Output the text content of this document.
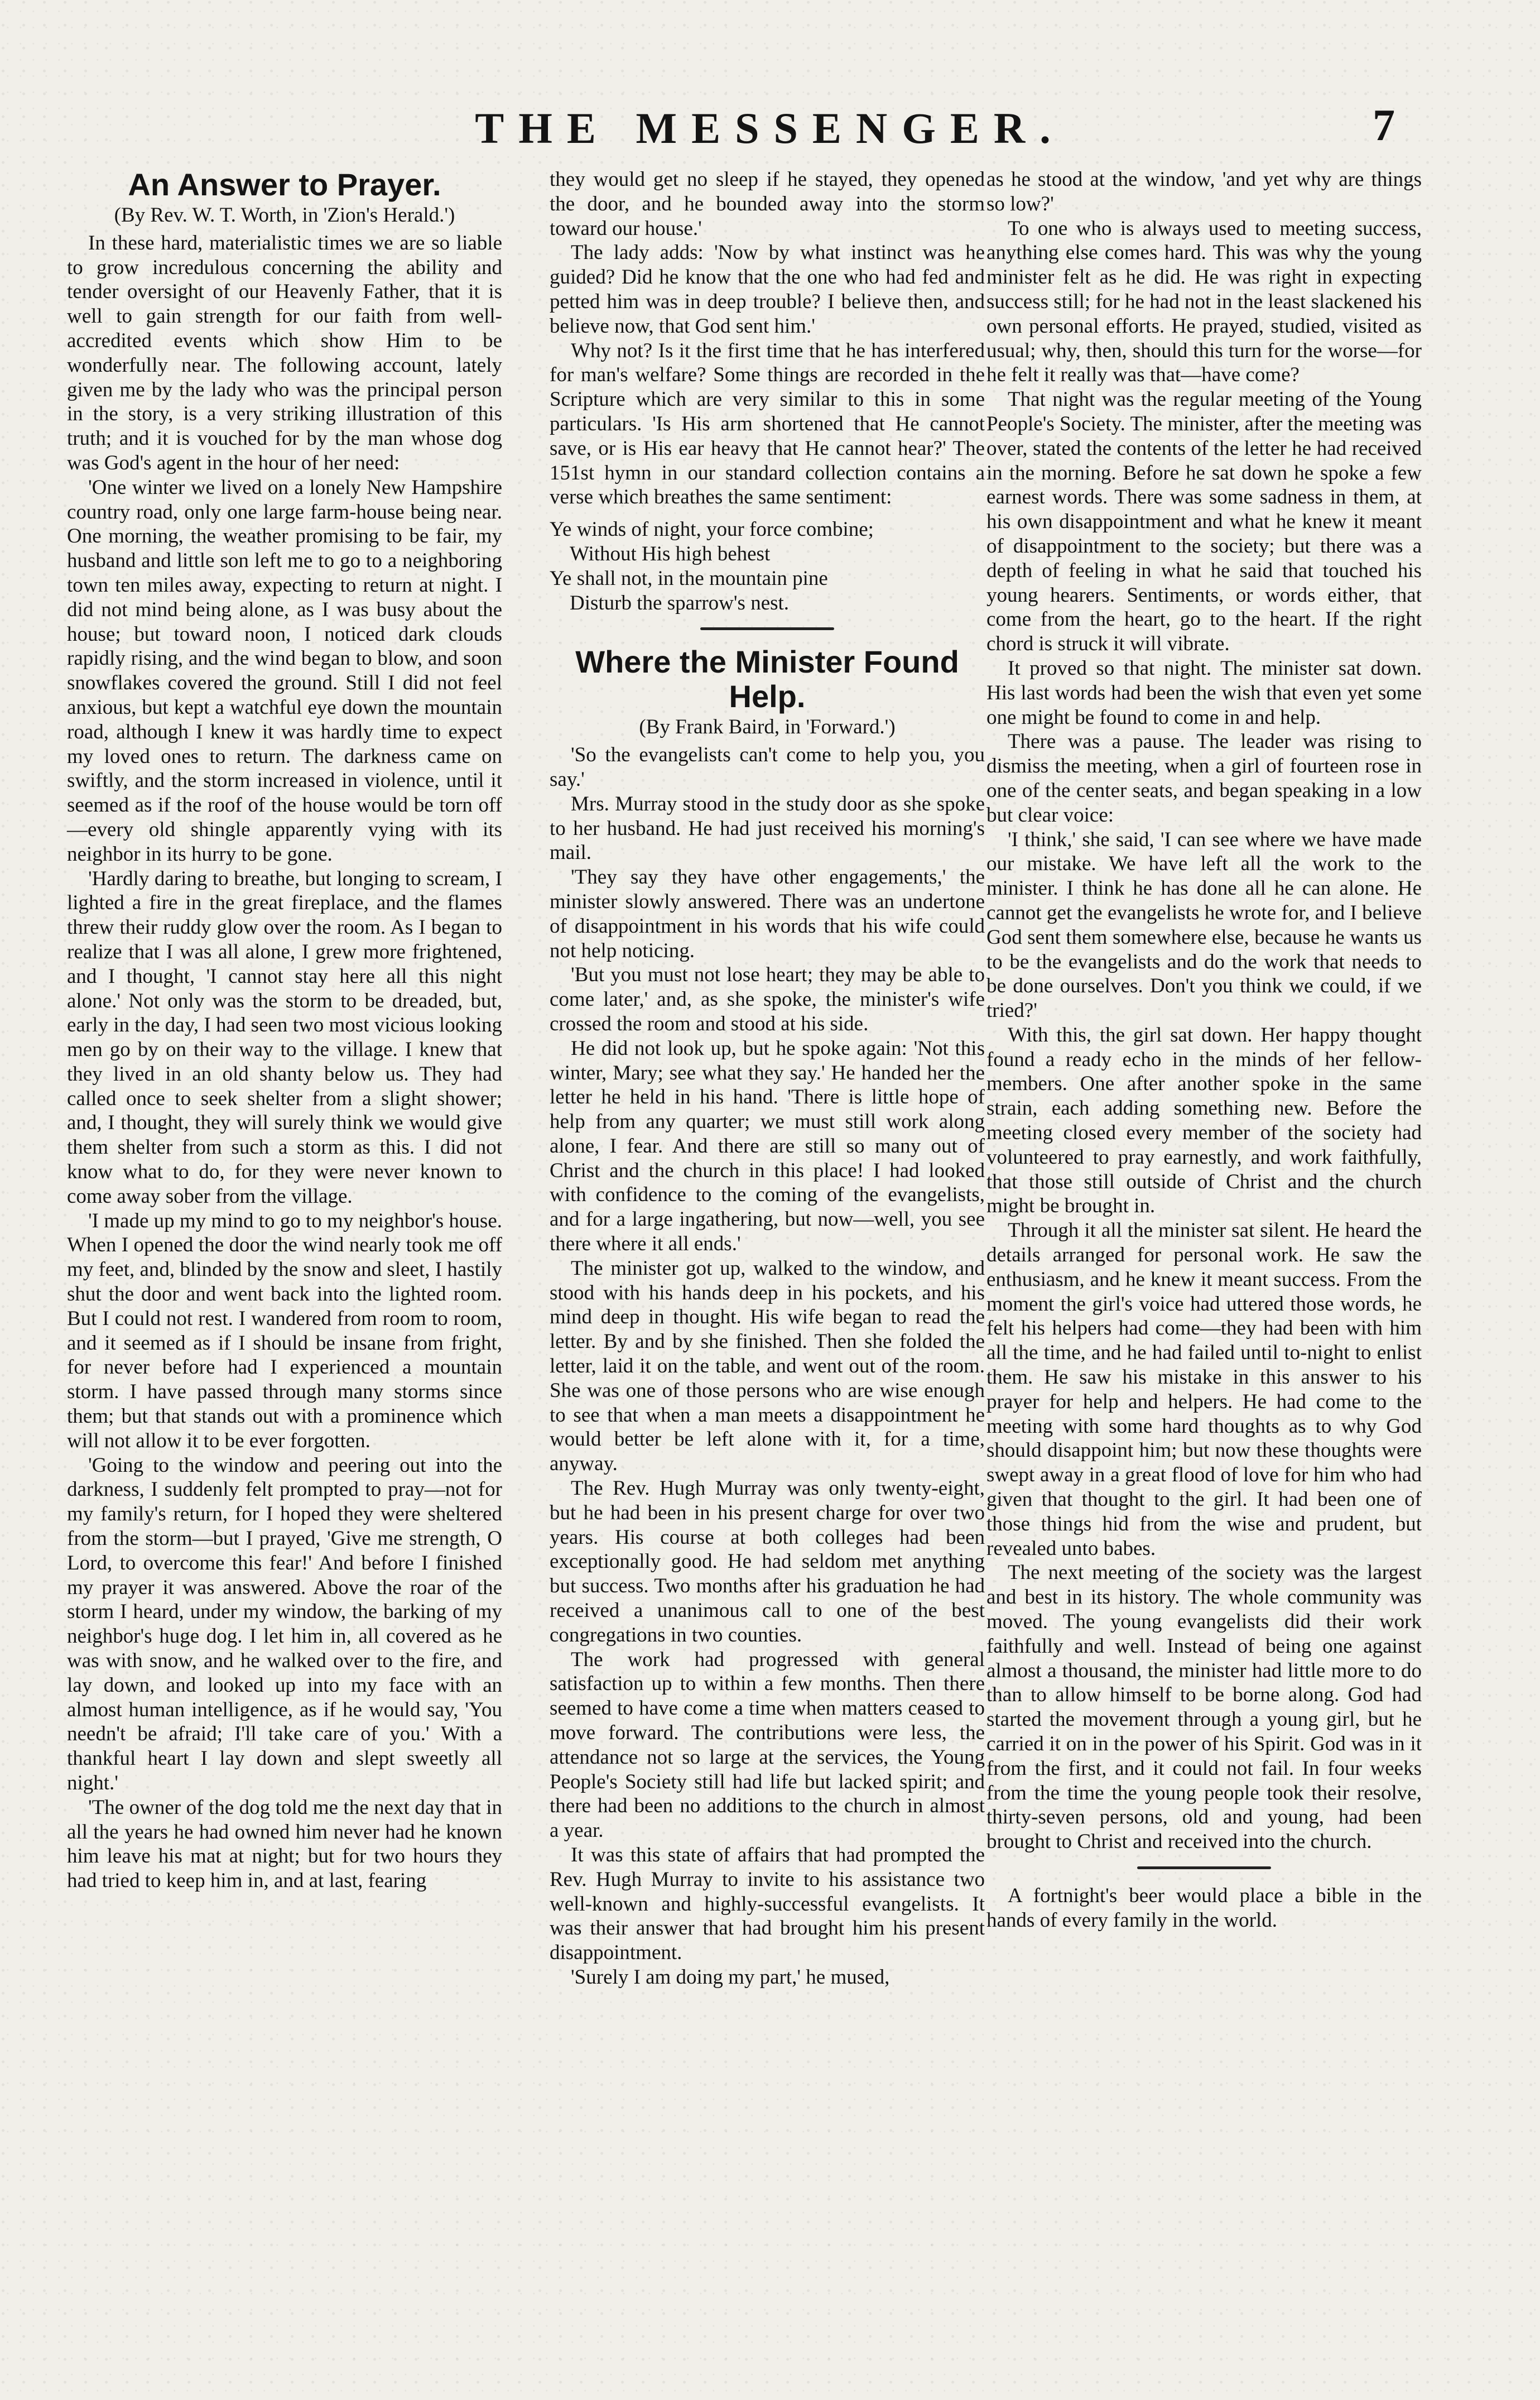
THE MESSENGER.	7
An Answer to Prayer.
(By Rev. W. T. Worth, in 'Zion's Herald.')

In these hard, materialistic times we are so liable to grow incredulous concerning the ability and tender oversight of our Heavenly Father, that it is well to gain strength for our faith from well-accredited events which show Him to be wonderfully near. The following account, lately given me by the lady who was the principal person in the story, is a very striking illustration of this truth; and it is vouched for by the man whose dog was God's agent in the hour of her need:

'One winter we lived on a lonely New Hampshire country road, only one large farm-house being near. One morning, the weather promising to be fair, my husband and little son left me to go to a neighboring town ten miles away, expecting to return at night. I did not mind being alone, as I was busy about the house; but toward noon, I noticed dark clouds rapidly rising, and the wind began to blow, and soon snowflakes covered the ground. Still I did not feel anxious, but kept a watchful eye down the mountain road, although I knew it was hardly time to expect my loved ones to return. The darkness came on swiftly, and the storm increased in violence, until it seemed as if the roof of the house would be torn off—every old shingle apparently vying with its neighbor in its hurry to be gone.

'Hardly daring to breathe, but longing to scream, I lighted a fire in the great fireplace, and the flames threw their ruddy glow over the room. As I began to realize that I was all alone, I grew more frightened, and I thought, 'I cannot stay here all this night alone.' Not only was the storm to be dreaded, but, early in the day, I had seen two most vicious looking men go by on their way to the village. I knew that they lived in an old shanty below us. They had called once to seek shelter from a slight shower; and, I thought, they will surely think we would give them shelter from such a storm as this. I did not know what to do, for they were never known to come away sober from the village.

'I made up my mind to go to my neighbor's house. When I opened the door the wind nearly took me off my feet, and, blinded by the snow and sleet, I hastily shut the door and went back into the lighted room. But I could not rest. I wandered from room to room, and it seemed as if I should be insane from fright, for never before had I experienced a mountain storm. I have passed through many storms since them; but that stands out with a prominence which will not allow it to be ever forgotten.

'Going to the window and peering out into the darkness, I suddenly felt prompted to pray—not for my family's return, for I hoped they were sheltered from the storm—but I prayed, 'Give me strength, O Lord, to overcome this fear!' And before I finished my prayer it was answered. Above the roar of the storm I heard, under my window, the barking of my neighbor's huge dog. I let him in, all covered as he was with snow, and he walked over to the fire, and lay down, and looked up into my face with an almost human intelligence, as if he would say, 'You needn't be afraid; I'll take care of you.' With a thankful heart I lay down and slept sweetly all night.'

'The owner of the dog told me the next day that in all the years he had owned him never had he known him leave his mat at night; but for two hours they had tried to keep him in, and at last, fearing

they would get no sleep if he stayed, they opened the door, and he bounded away into the storm toward our house.'

The lady adds: 'Now by what instinct was he guided? Did he know that the one who had fed and petted him was in deep trouble? I believe then, and believe now, that God sent him.'

Why not? Is it the first time that he has interfered for man's welfare? Some things are recorded in the Scripture which are very similar to this in some particulars. 'Is His arm shortened that He cannot save, or is His ear heavy that He cannot hear?' The 151st hymn in our standard collection contains a verse which breathes the same sentiment:

Ye winds of night, your force combine;
Without His high behest
Ye shall not, in the mountain pine
Disturb the sparrow's nest.
Where the Minister Found Help.
(By Frank Baird, in 'Forward.')

'So the evangelists can't come to help you, you say.'

Mrs. Murray stood in the study door as she spoke to her husband. He had just received his morning's mail.

'They say they have other engagements,' the minister slowly answered. There was an undertone of disappointment in his words that his wife could not help noticing.

'But you must not lose heart; they may be able to come later,' and, as she spoke, the minister's wife crossed the room and stood at his side.

He did not look up, but he spoke again: 'Not this winter, Mary; see what they say.' He handed her the letter he held in his hand. 'There is little hope of help from any quarter; we must still work along alone, I fear. And there are still so many out of Christ and the church in this place! I had looked with confidence to the coming of the evangelists, and for a large ingathering, but now—well, you see there where it all ends.'

The minister got up, walked to the window, and stood with his hands deep in his pockets, and his mind deep in thought. His wife began to read the letter. By and by she finished. Then she folded the letter, laid it on the table, and went out of the room. She was one of those persons who are wise enough to see that when a man meets a disappointment he would better be left alone with it, for a time, anyway.

The Rev. Hugh Murray was only twenty-eight, but he had been in his present charge for over two years. His course at both colleges had been exceptionally good. He had seldom met anything but success. Two months after his graduation he had received a unanimous call to one of the best congregations in two counties.

The work had progressed with general satisfaction up to within a few months. Then there seemed to have come a time when matters ceased to move forward. The contributions were less, the attendance not so large at the services, the Young People's Society still had life but lacked spirit; and there had been no additions to the church in almost a year.

It was this state of affairs that had prompted the Rev. Hugh Murray to invite to his assistance two well-known and highly-successful evangelists. It was their answer that had brought him his present disappointment.

'Surely I am doing my part,' he mused,

as he stood at the window, 'and yet why are things so low?'

To one who is always used to meeting success, anything else comes hard. This was why the young minister felt as he did. He was right in expecting success still; for he had not in the least slackened his own personal efforts. He prayed, studied, visited as usual; why, then, should this turn for the worse—for he felt it really was that—have come?

That night was the regular meeting of the Young People's Society. The minister, after the meeting was over, stated the contents of the letter he had received in the morning. Before he sat down he spoke a few earnest words. There was some sadness in them, at his own disappointment and what he knew it meant of disappointment to the society; but there was a depth of feeling in what he said that touched his young hearers. Sentiments, or words either, that come from the heart, go to the heart. If the right chord is struck it will vibrate.

It proved so that night. The minister sat down. His last words had been the wish that even yet some one might be found to come in and help.

There was a pause. The leader was rising to dismiss the meeting, when a girl of fourteen rose in one of the center seats, and began speaking in a low but clear voice:

'I think,' she said, 'I can see where we have made our mistake. We have left all the work to the minister. I think he has done all he can alone. He cannot get the evangelists he wrote for, and I believe God sent them somewhere else, because he wants us to be the evangelists and do the work that needs to be done ourselves. Don't you think we could, if we tried?'

With this, the girl sat down. Her happy thought found a ready echo in the minds of her fellow-members. One after another spoke in the same strain, each adding something new. Before the meeting closed every member of the society had volunteered to pray earnestly, and work faithfully, that those still outside of Christ and the church might be brought in.

Through it all the minister sat silent. He heard the details arranged for personal work. He saw the enthusiasm, and he knew it meant success. From the moment the girl's voice had uttered those words, he felt his helpers had come—they had been with him all the time, and he had failed until to-night to enlist them. He saw his mistake in this answer to his prayer for help and helpers. He had come to the meeting with some hard thoughts as to why God should disappoint him; but now these thoughts were swept away in a great flood of love for him who had given that thought to the girl. It had been one of those things hid from the wise and prudent, but revealed unto babes.

The next meeting of the society was the largest and best in its history. The whole community was moved. The young evangelists did their work faithfully and well. Instead of being one against almost a thousand, the minister had little more to do than to allow himself to be borne along. God had started the movement through a young girl, but he carried it on in the power of his Spirit. God was in it from the first, and it could not fail. In four weeks from the time the young people took their resolve, thirty-seven persons, old and young, had been brought to Christ and received into the church.

A fortnight's beer would place a bible in the hands of every family in the world.
